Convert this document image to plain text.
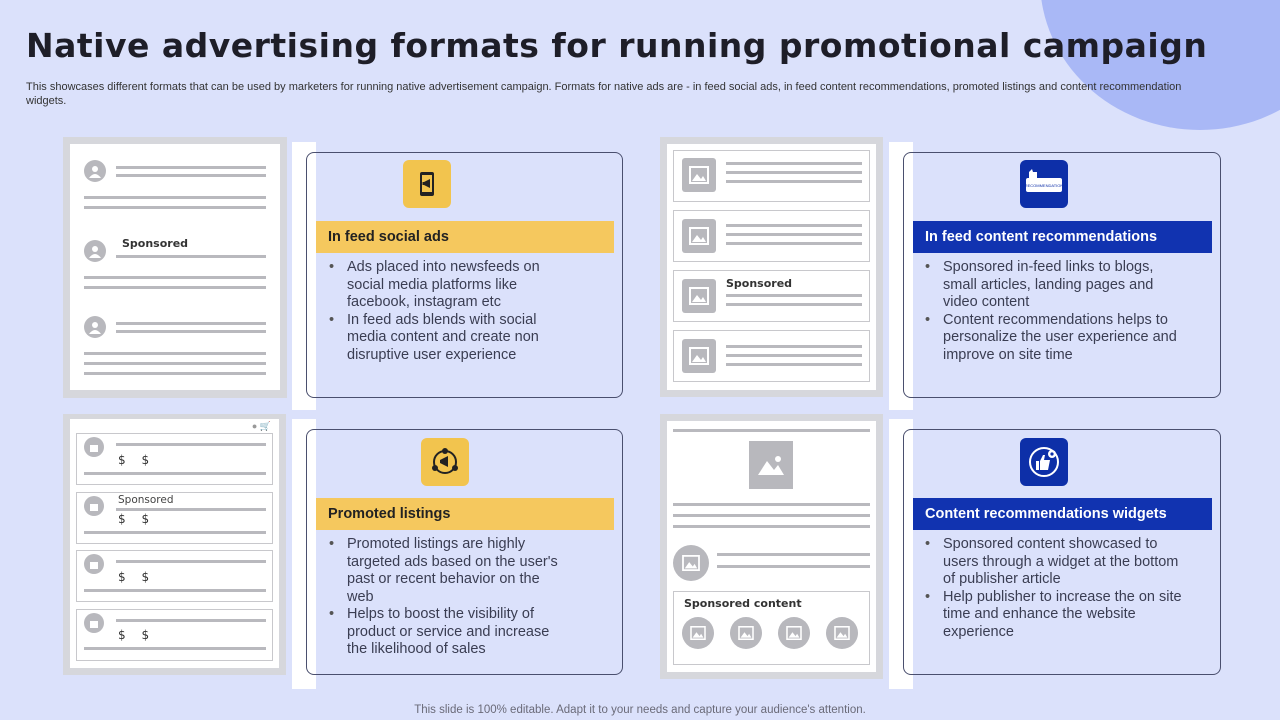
Native advertising formats for running promotional campaign

This showcases different formats that can be used by marketers for running native advertisement campaign. Formats for native ads are - in feed social ads, in feed content recommendations, promoted listings and content recommendation widgets.

Sponsored	In feed social ads
• Ads placed into newsfeeds on social media platforms like facebook, instagram etc
• In feed ads blends with social media content and create non disruptive user experience
Sponsored
RECOMMENDATION
In feed content recommendations
• Sponsored in-feed links to blogs, small articles, landing pages and video content
• Content recommendations helps to personalize the user experience and improve on site time
● 🛒
$ $
Sponsored
$ $
$ $
$ $
Promoted listings
• Promoted listings are highly targeted ads based on the user's past or recent behavior on the web
• Helps to boost the visibility of product or service and increase the likelihood of sales
Sponsored content
Content recommendations widgets
• Sponsored content showcased to users through a widget at the bottom of publisher article
• Help publisher to increase the on site time and enhance the website experience
This slide is 100% editable. Adapt it to your needs and capture your audience's attention.
